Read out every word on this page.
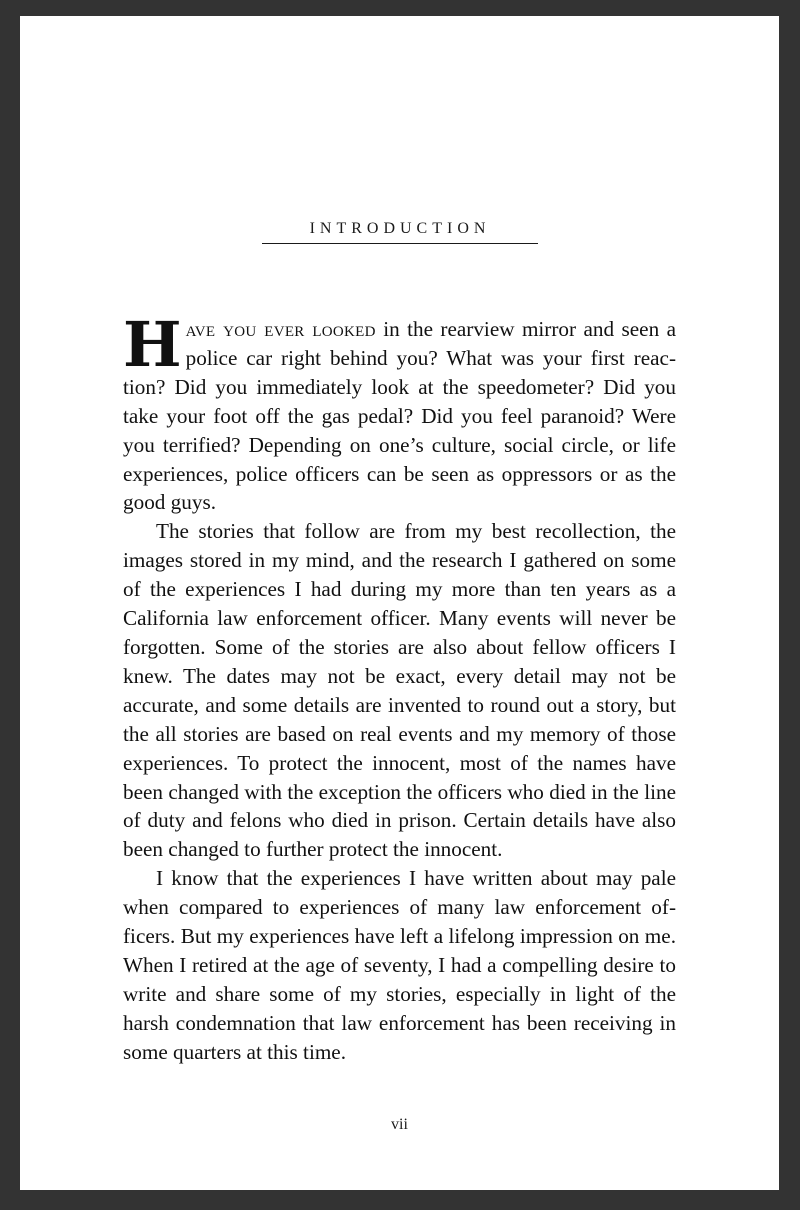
INTRODUCTION

Have you ever looked in the rearview mirror and seen a police car right behind you? What was your first reaction? Did you immediately look at the speedometer? Did you take your foot off the gas pedal? Did you feel paranoid? Were you terrified? Depending on one’s culture, social circle, or life experiences, police officers can be seen as oppressors or as the good guys.

The stories that follow are from my best recollection, the images stored in my mind, and the research I gathered on some of the experiences I had during my more than ten years as a California law enforcement officer. Many events will never be forgotten. Some of the stories are also about fellow officers I knew. The dates may not be exact, every detail may not be accurate, and some details are invented to round out a story, but the all stories are based on real events and my memory of those experiences. To protect the innocent, most of the names have been changed with the exception the officers who died in the line of duty and felons who died in prison. Certain details have also been changed to further protect the innocent.

I know that the experiences I have written about may pale when compared to experiences of many law enforcement officers. But my experiences have left a lifelong impression on me. When I retired at the age of seventy, I had a compelling desire to write and share some of my stories, especially in light of the harsh condemnation that law enforcement has been receiving in some quarters at this time.

vii
